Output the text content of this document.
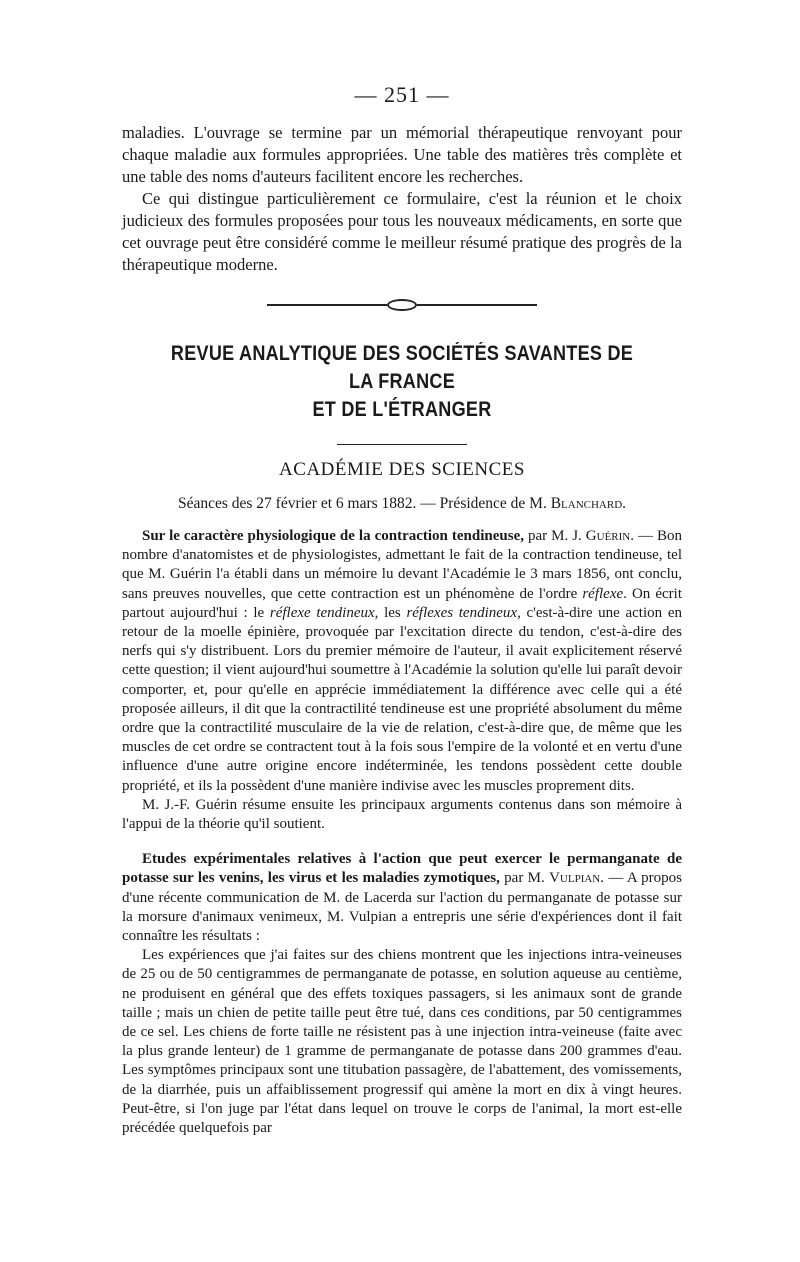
— 251 —

maladies. L'ouvrage se termine par un mémorial thérapeutique renvoyant pour chaque maladie aux formules appropriées. Une table des matières très complète et une table des noms d'auteurs facilitent encore les recherches.

Ce qui distingue particulièrement ce formulaire, c'est la réunion et le choix judicieux des formules proposées pour tous les nouveaux médicaments, en sorte que cet ouvrage peut être considéré comme le meilleur résumé pratique des progrès de la thérapeutique moderne.

REVUE ANALYTIQUE DES SOCIÉTÉS SAVANTES DE LA FRANCE
ET DE L'ÉTRANGER
ACADÉMIE DES SCIENCES
Séances des 27 février et 6 mars 1882. — Présidence de M. Blanchard.

Sur le caractère physiologique de la contraction tendineuse, par M. J. Guérin. — Bon nombre d'anatomistes et de physiologistes, admettant le fait de la contraction tendineuse, tel que M. Guérin l'a établi dans un mémoire lu devant l'Académie le 3 mars 1856, ont conclu, sans preuves nouvelles, que cette contraction est un phénomène de l'ordre réflexe. On écrit partout aujourd'hui : le réflexe tendineux, les réflexes tendineux, c'est-à-dire une action en retour de la moelle épinière, provoquée par l'excitation directe du tendon, c'est-à-dire des nerfs qui s'y distribuent. Lors du premier mémoire de l'auteur, il avait explicitement réservé cette question; il vient aujourd'hui soumettre à l'Académie la solution qu'elle lui paraît devoir comporter, et, pour qu'elle en apprécie immédiatement la différence avec celle qui a été proposée ailleurs, il dit que la contractilité tendineuse est une propriété absolument du même ordre que la contractilité musculaire de la vie de relation, c'est-à-dire que, de même que les muscles de cet ordre se contractent tout à la fois sous l'empire de la volonté et en vertu d'une influence d'une autre origine encore indéterminée, les tendons possèdent cette double propriété, et ils la possèdent d'une manière indivise avec les muscles proprement dits.

M. J.-F. Guérin résume ensuite les principaux arguments contenus dans son mémoire à l'appui de la théorie qu'il soutient.

Etudes expérimentales relatives à l'action que peut exercer le permanganate de potasse sur les venins, les virus et les maladies zymotiques, par M. Vulpian. — A propos d'une récente communication de M. de Lacerda sur l'action du permanganate de potasse sur la morsure d'animaux venimeux, M. Vulpian a entrepris une série d'expériences dont il fait connaître les résultats :

Les expériences que j'ai faites sur des chiens montrent que les injections intra-veineuses de 25 ou de 50 centigrammes de permanganate de potasse, en solution aqueuse au centième, ne produisent en général que des effets toxiques passagers, si les animaux sont de grande taille ; mais un chien de petite taille peut être tué, dans ces conditions, par 50 centigrammes de ce sel. Les chiens de forte taille ne résistent pas à une injection intra-veineuse (faite avec la plus grande lenteur) de 1 gramme de permanganate de potasse dans 200 grammes d'eau. Les symptômes principaux sont une titubation passagère, de l'abattement, des vomissements, de la diarrhée, puis un affaiblissement progressif qui amène la mort en dix à vingt heures. Peut-être, si l'on juge par l'état dans lequel on trouve le corps de l'animal, la mort est-elle précédée quelquefois par
